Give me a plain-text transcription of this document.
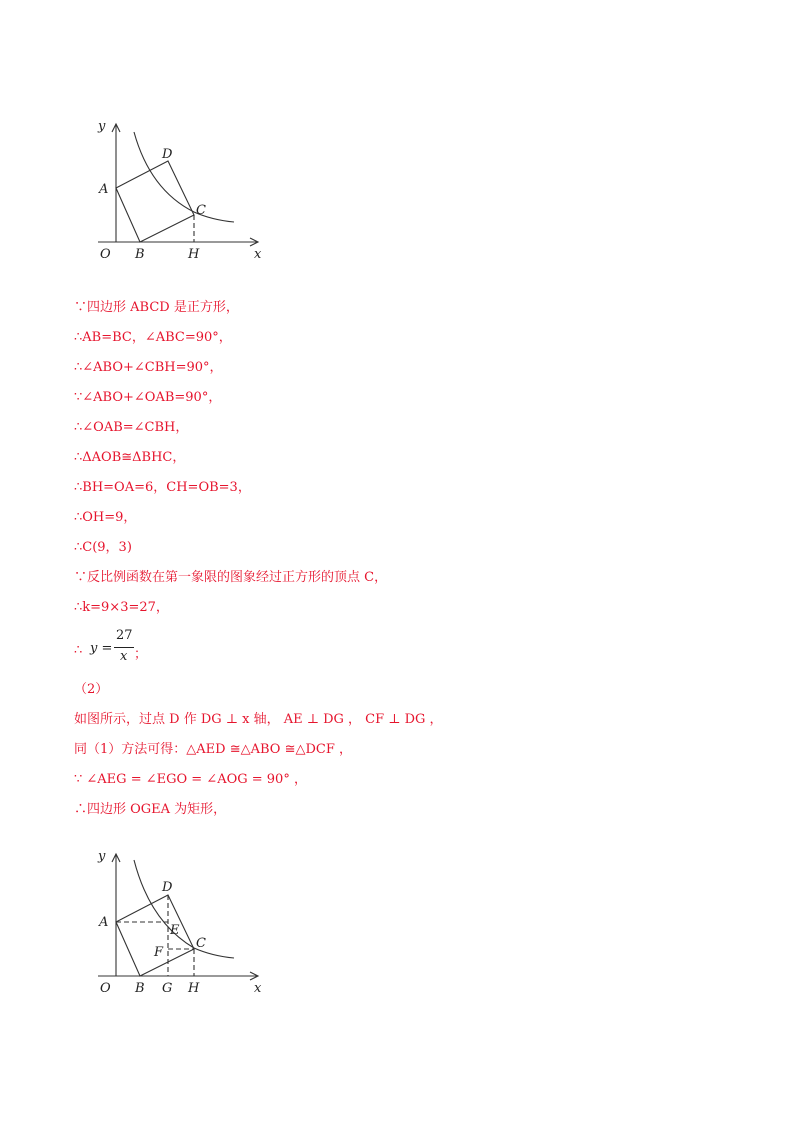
y
D
A
C
O B	H	x

∵四边形 ABCD 是正方形，

∴AB=BC，∠ABC=90°，

∴∠ABO+∠CBH=90°，

∵∠ABO+∠OAB=90°，

∴∠OAB=∠CBH，

∴ΔAOB≅ΔBHC，

∴BH=OA=6，CH=OB=3，

∴OH=9，

∴C(9，3)

∵反比例函数在第一象限的图象经过正方形的顶点 C，

∴k=9×3=27，

∴ y =
27
x ；

（2）

如图所示，过点 D 作 DG ⊥ x 轴， AE ⊥ DG ， CF ⊥ DG ，

同（1）方法可得：△AED ≅△ABO ≅△DCF ，

∵ ∠AEG = ∠EGO = ∠AOG = 90° ，

∴四边形 OGEA 为矩形，

y
D
A
E
C
F
O B G H	x
